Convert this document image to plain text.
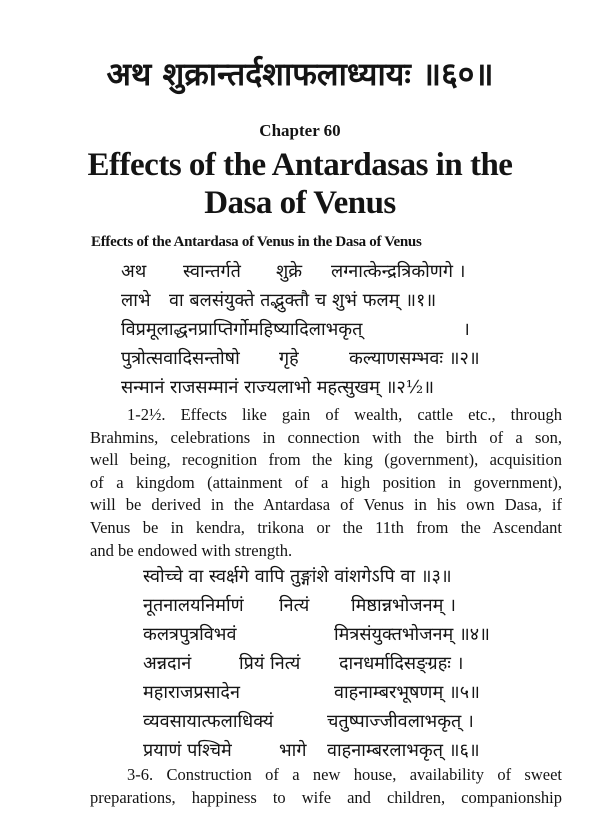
अथ शुक्रान्तर्दशाफलाध्यायः ॥६०॥
Chapter 60
Effects of the Antardasas in the
Dasa of Venus
Effects of the Antardasa of Venus in the Dasa of Venus
अथ स्वान्तर्गते शुक्रे लग्नात्केन्द्रत्रिकोणगे ।
लाभे वा बलसंयुक्ते तद्भुक्तौ च शुभं फलम् ॥१॥
विप्रमूलाद्धनप्राप्तिर्गोमहिष्यादिलाभकृत्	।
पुत्रोत्सवादिसन्तोषो गृहे	कल्याणसम्भवः ॥२॥
सन्मानं राजसम्मानं राज्यलाभो महत्सुखम् ॥२½॥
1-2½. Effects like gain of wealth, cattle etc., through
Brahmins, celebrations in connection with the birth of a son,
well being, recognition from the king (government), acquisition
of a kingdom (attainment of a high position in government),
will be derived in the Antardasa of Venus in his own Dasa, if
Venus be in kendra, trikona or the 11th from the Ascendant
and be endowed with strength.
स्वोच्चे वा स्वर्क्षगे वापि तुङ्गांशे वांशगेऽपि वा ॥३॥
नूतनालयनिर्माणं नित्यं मिष्ठान्नभोजनम् ।
कलत्रपुत्रविभवं	मित्रसंयुक्तभोजनम् ॥४॥
अन्नदानं	प्रियं नित्यं दानधर्मादिसङ्ग्रहः ।
महाराजप्रसादेन	वाहनाम्बरभूषणम् ॥५॥
व्यवसायात्फलाधिक्यं	चतुष्पाज्जीवलाभकृत् ।
प्रयाणं पश्चिमे	भागे वाहनाम्बरलाभकृत् ॥६॥
3-6. Construction of a new house, availability of sweet
preparations, happiness to wife and children, companionship
